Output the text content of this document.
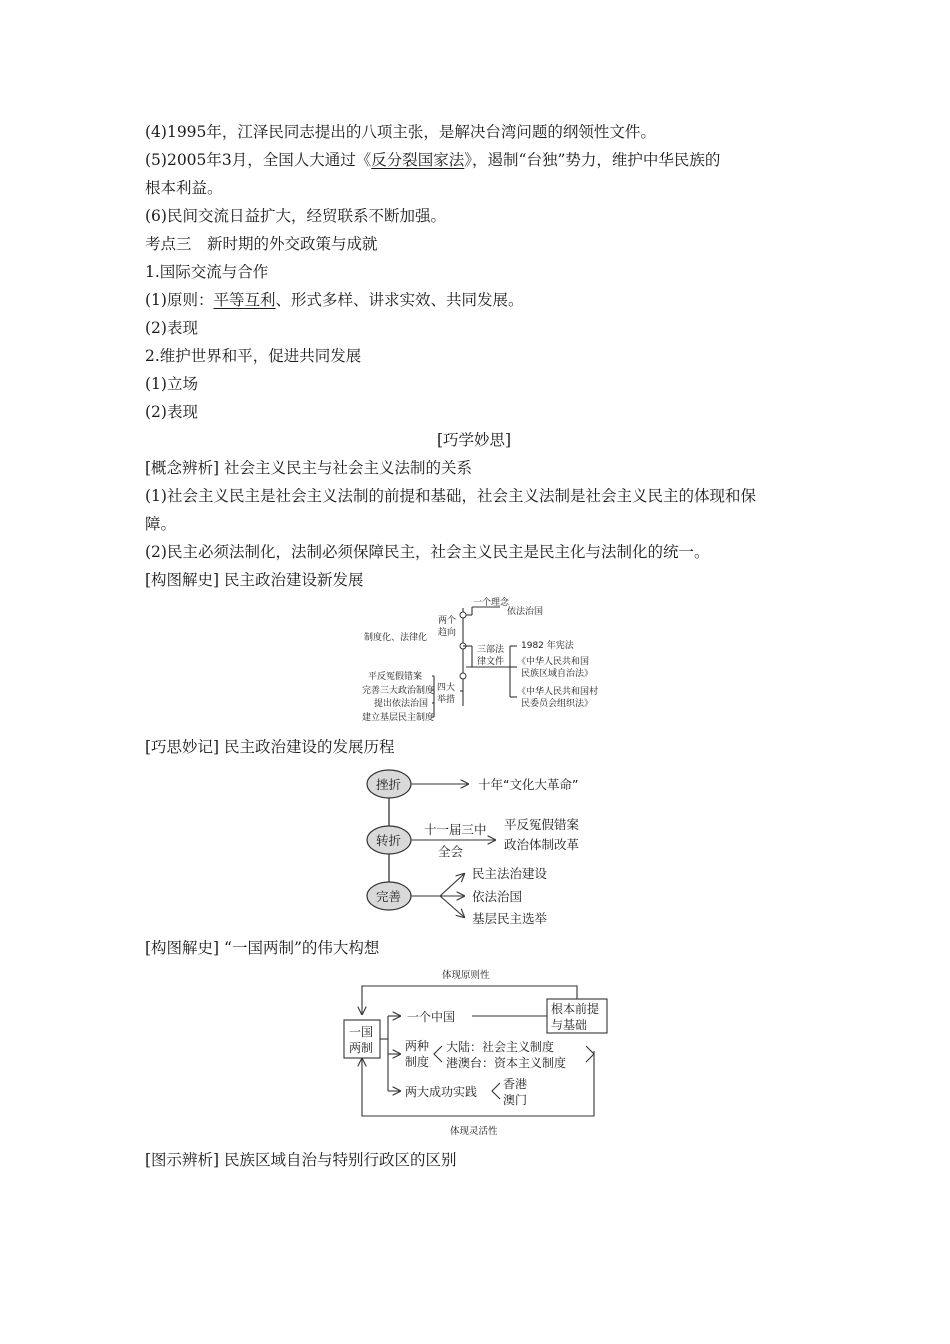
(4)1995年，江泽民同志提出的八项主张，是解决台湾问题的纲领性文件。
(5)2005年3月，全国人大通过《反分裂国家法》，遏制“台独”势力，维护中华民族的
根本利益。
(6)民间交流日益扩大，经贸联系不断加强。
考点三　新时期的外交政策与成就
1.国际交流与合作
(1)原则：平等互利、形式多样、讲求实效、共同发展。
(2)表现
2.维护世界和平，促进共同发展
(1)立场
(2)表现
[巧学妙思]
[概念辨析] 社会主义民主与社会主义法制的关系
(1)社会主义民主是社会主义法制的前提和基础，社会主义法制是社会主义民主的体现和保
障。
(2)民主必须法制化，法制必须保障民主，社会主义民主是民主化与法制化的统一。
[构图解史] 民主政治建设新发展
[巧思妙记] 民主政治建设的发展历程
[构图解史] “一国两制”的伟大构想
[图示辨析] 民族区域自治与特别行政区的区别
一个理念
依法治国
两个
趋向
制度化、法律化
三部法
律文件
1982 年宪法
《中华人民共和国
民族区域自治法》
《中华人民共和国村
民委员会组织法》
四大
举措
平反冤假错案
完善三大政治制度
提出依法治国
建立基层民主制度
挫折
转折
完善
十年“文化大革命”
十一届三中
全会
平反冤假错案
政治体制改革
民主法治建设
依法治国
基层民主选举
体现原则性
体现灵活性
一国
两制
一个中国
根本前提
与基础
两种
制度
大陆：社会主义制度
港澳台：资本主义制度
两大成功实践
香港
澳门
